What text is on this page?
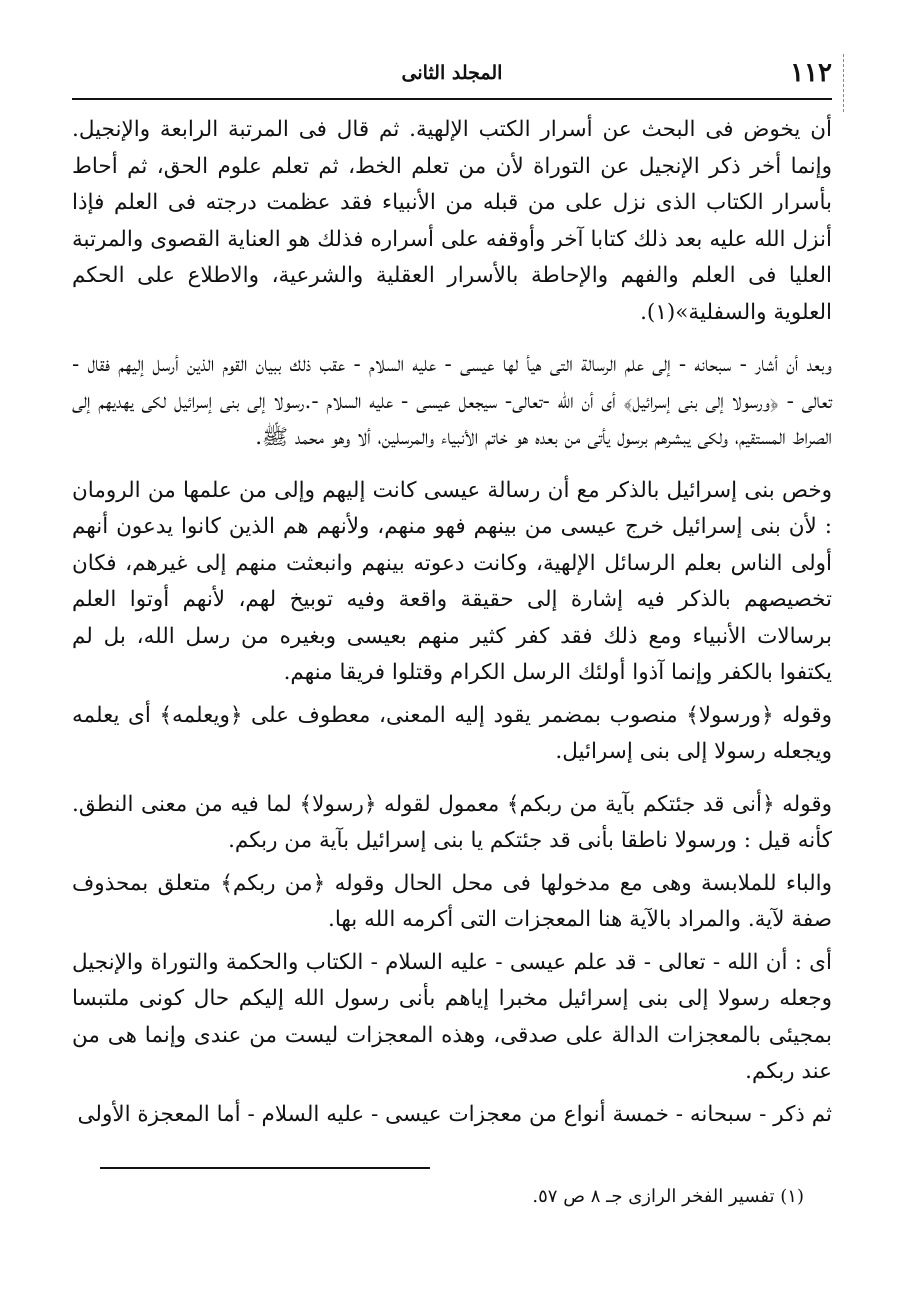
١١٢
المجلد الثانى

أن يخوض فى البحث عن أسرار الكتب الإلهية. ثم قال فى المرتبة الرابعة والإنجيل. وإنما أخر ذكر الإنجيل عن التوراة لأن من تعلم الخط، ثم تعلم علوم الحق، ثم أحاط بأسرار الكتاب الذى نزل على من قبله من الأنبياء فقد عظمت درجته فى العلم فإذا أنزل الله عليه بعد ذلك كتابا آخر وأوقفه على أسراره فذلك هو العناية القصوى والمرتبة العليا فى العلم والفهم والإحاطة بالأسرار العقلية والشرعية، والاطلاع على الحكم العلوية والسفلية»(١).

وبعد أن أشار - سبحانه - إلى علم الرسالة التى هيأ لها عيسى - عليه السلام - عقب ذلك ببيان القوم الذين أرسل إليهم فقال - تعالى - ﴿ورسولا إلى بنى إسرائيل﴾ أى أن الله -تعالى- سيجعل عيسى - عليه السلام -.رسولا إلى بنى إسرائيل لكى يهديهم إلى الصراط المستقيم، ولكى يبشرهم برسول يأتى من بعده هو خاتم الأنبياء والمرسلين، ألا وهو محمد ﷺ.

وخص بنى إسرائيل بالذكر مع أن رسالة عيسى كانت إليهم وإلى من علمها من الرومان : لأن بنى إسرائيل خرج عيسى من بينهم فهو منهم، ولأنهم هم الذين كانوا يدعون أنهم أولى الناس بعلم الرسائل الإلهية، وكانت دعوته بينهم وانبعثت منهم إلى غيرهم، فكان تخصيصهم بالذكر فيه إشارة إلى حقيقة واقعة وفيه توبيخ لهم، لأنهم أوتوا العلم برسالات الأنبياء ومع ذلك فقد كفر كثير منهم بعيسى وبغيره من رسل الله، بل لم يكتفوا بالكفر وإنما آذوا أولئك الرسل الكرام وقتلوا فريقا منهم.

وقوله ﴿ورسولا﴾ منصوب بمضمر يقود إليه المعنى، معطوف على ﴿ويعلمه﴾ أى يعلمه ويجعله رسولا إلى بنى إسرائيل.

وقوله ﴿أنى قد جئتكم بآية من ربكم﴾ معمول لقوله ﴿رسولا﴾ لما فيه من معنى النطق. كأنه قيل : ورسولا ناطقا بأنى قد جئتكم يا بنى إسرائيل بآية من ربكم.

والباء للملابسة وهى مع مدخولها فى محل الحال وقوله ﴿من ربكم﴾ متعلق بمحذوف صفة لآية. والمراد بالآية هنا المعجزات التى أكرمه الله بها.

أى : أن الله - تعالى - قد علم عيسى - عليه السلام - الكتاب والحكمة والتوراة والإنجيل وجعله رسولا إلى بنى إسرائيل مخبرا إياهم بأنى رسول الله إليكم حال كونى ملتبسا بمجيئى بالمعجزات الدالة على صدقى، وهذه المعجزات ليست من عندى وإنما هى من عند ربكم.

ثم ذكر - سبحانه - خمسة أنواع من معجزات عيسى - عليه السلام - أما المعجزة الأولى

(١) تفسير الفخر الرازى جـ ٨ ص ٥٧.
